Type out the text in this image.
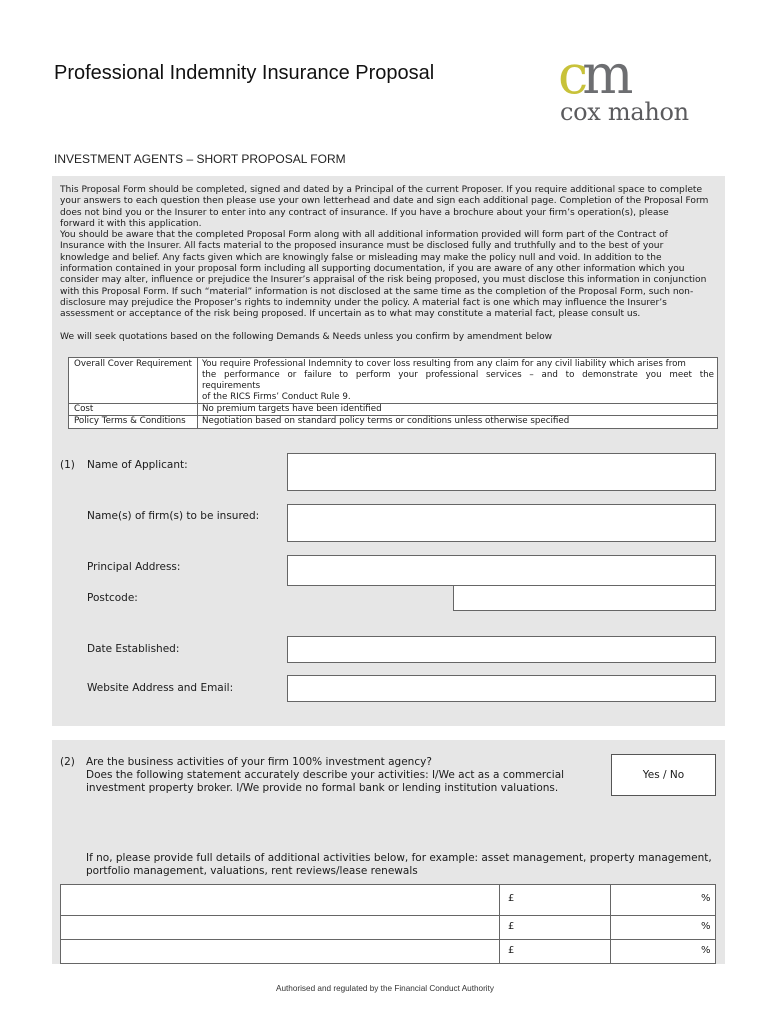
Professional Indemnity Insurance Proposal cm
cox mahon
INVESTMENT AGENTS – SHORT PROPOSAL FORM
This Proposal Form should be completed, signed and dated by a Principal of the current Proposer. If you require additional space to complete
your answers to each question then please use your own letterhead and date and sign each additional page. Completion of the Proposal Form
does not bind you or the Insurer to enter into any contract of insurance. If you have a brochure about your firm’s operation(s), please
forward it with this application.
You should be aware that the completed Proposal Form along with all additional information provided will form part of the Contract of
Insurance with the Insurer. All facts material to the proposed insurance must be disclosed fully and truthfully and to the best of your
knowledge and belief. Any facts given which are knowingly false or misleading may make the policy null and void. In addition to the
information contained in your proposal form including all supporting documentation, if you are aware of any other information which you
consider may alter, influence or prejudice the Insurer’s appraisal of the risk being proposed, you must disclose this information in conjunction
with this Proposal Form. If such “material” information is not disclosed at the same time as the completion of the Proposal Form, such non-
disclosure may prejudice the Proposer’s rights to indemnity under the policy. A material fact is one which may influence the Insurer’s
assessment or acceptance of the risk being proposed. If uncertain as to what may constitute a material fact, please consult us.
We will seek quotations based on the following Demands & Needs unless you confirm by amendment below
Overall Cover Requirement	You require Professional Indemnity to cover loss resulting from any claim for any civil liability which arises from
the performance or failure to perform your professional services – and to demonstrate you meet the
requirements
of the RICS Firms’ Conduct Rule 9.
Cost	No premium targets have been identified
Policy Terms & Conditions	Negotiation based on standard policy terms or conditions unless otherwise specified
(1) Name of Applicant:
Name(s) of firm(s) to be insured:
Principal Address:
Postcode:
Date Established:
Website Address and Email:
(2) Are the business activities of your firm 100% investment agency?
Does the following statement accurately describe your activities: I/We act as a commercial
investment property broker. I/We provide no formal bank or lending institution valuations.
Yes / No
If no, please provide full details of additional activities below, for example: asset management, property management,
portfolio management, valuations, rent reviews/lease renewals
£	%
£	%
£	%
Authorised and regulated by the Financial Conduct Authority
